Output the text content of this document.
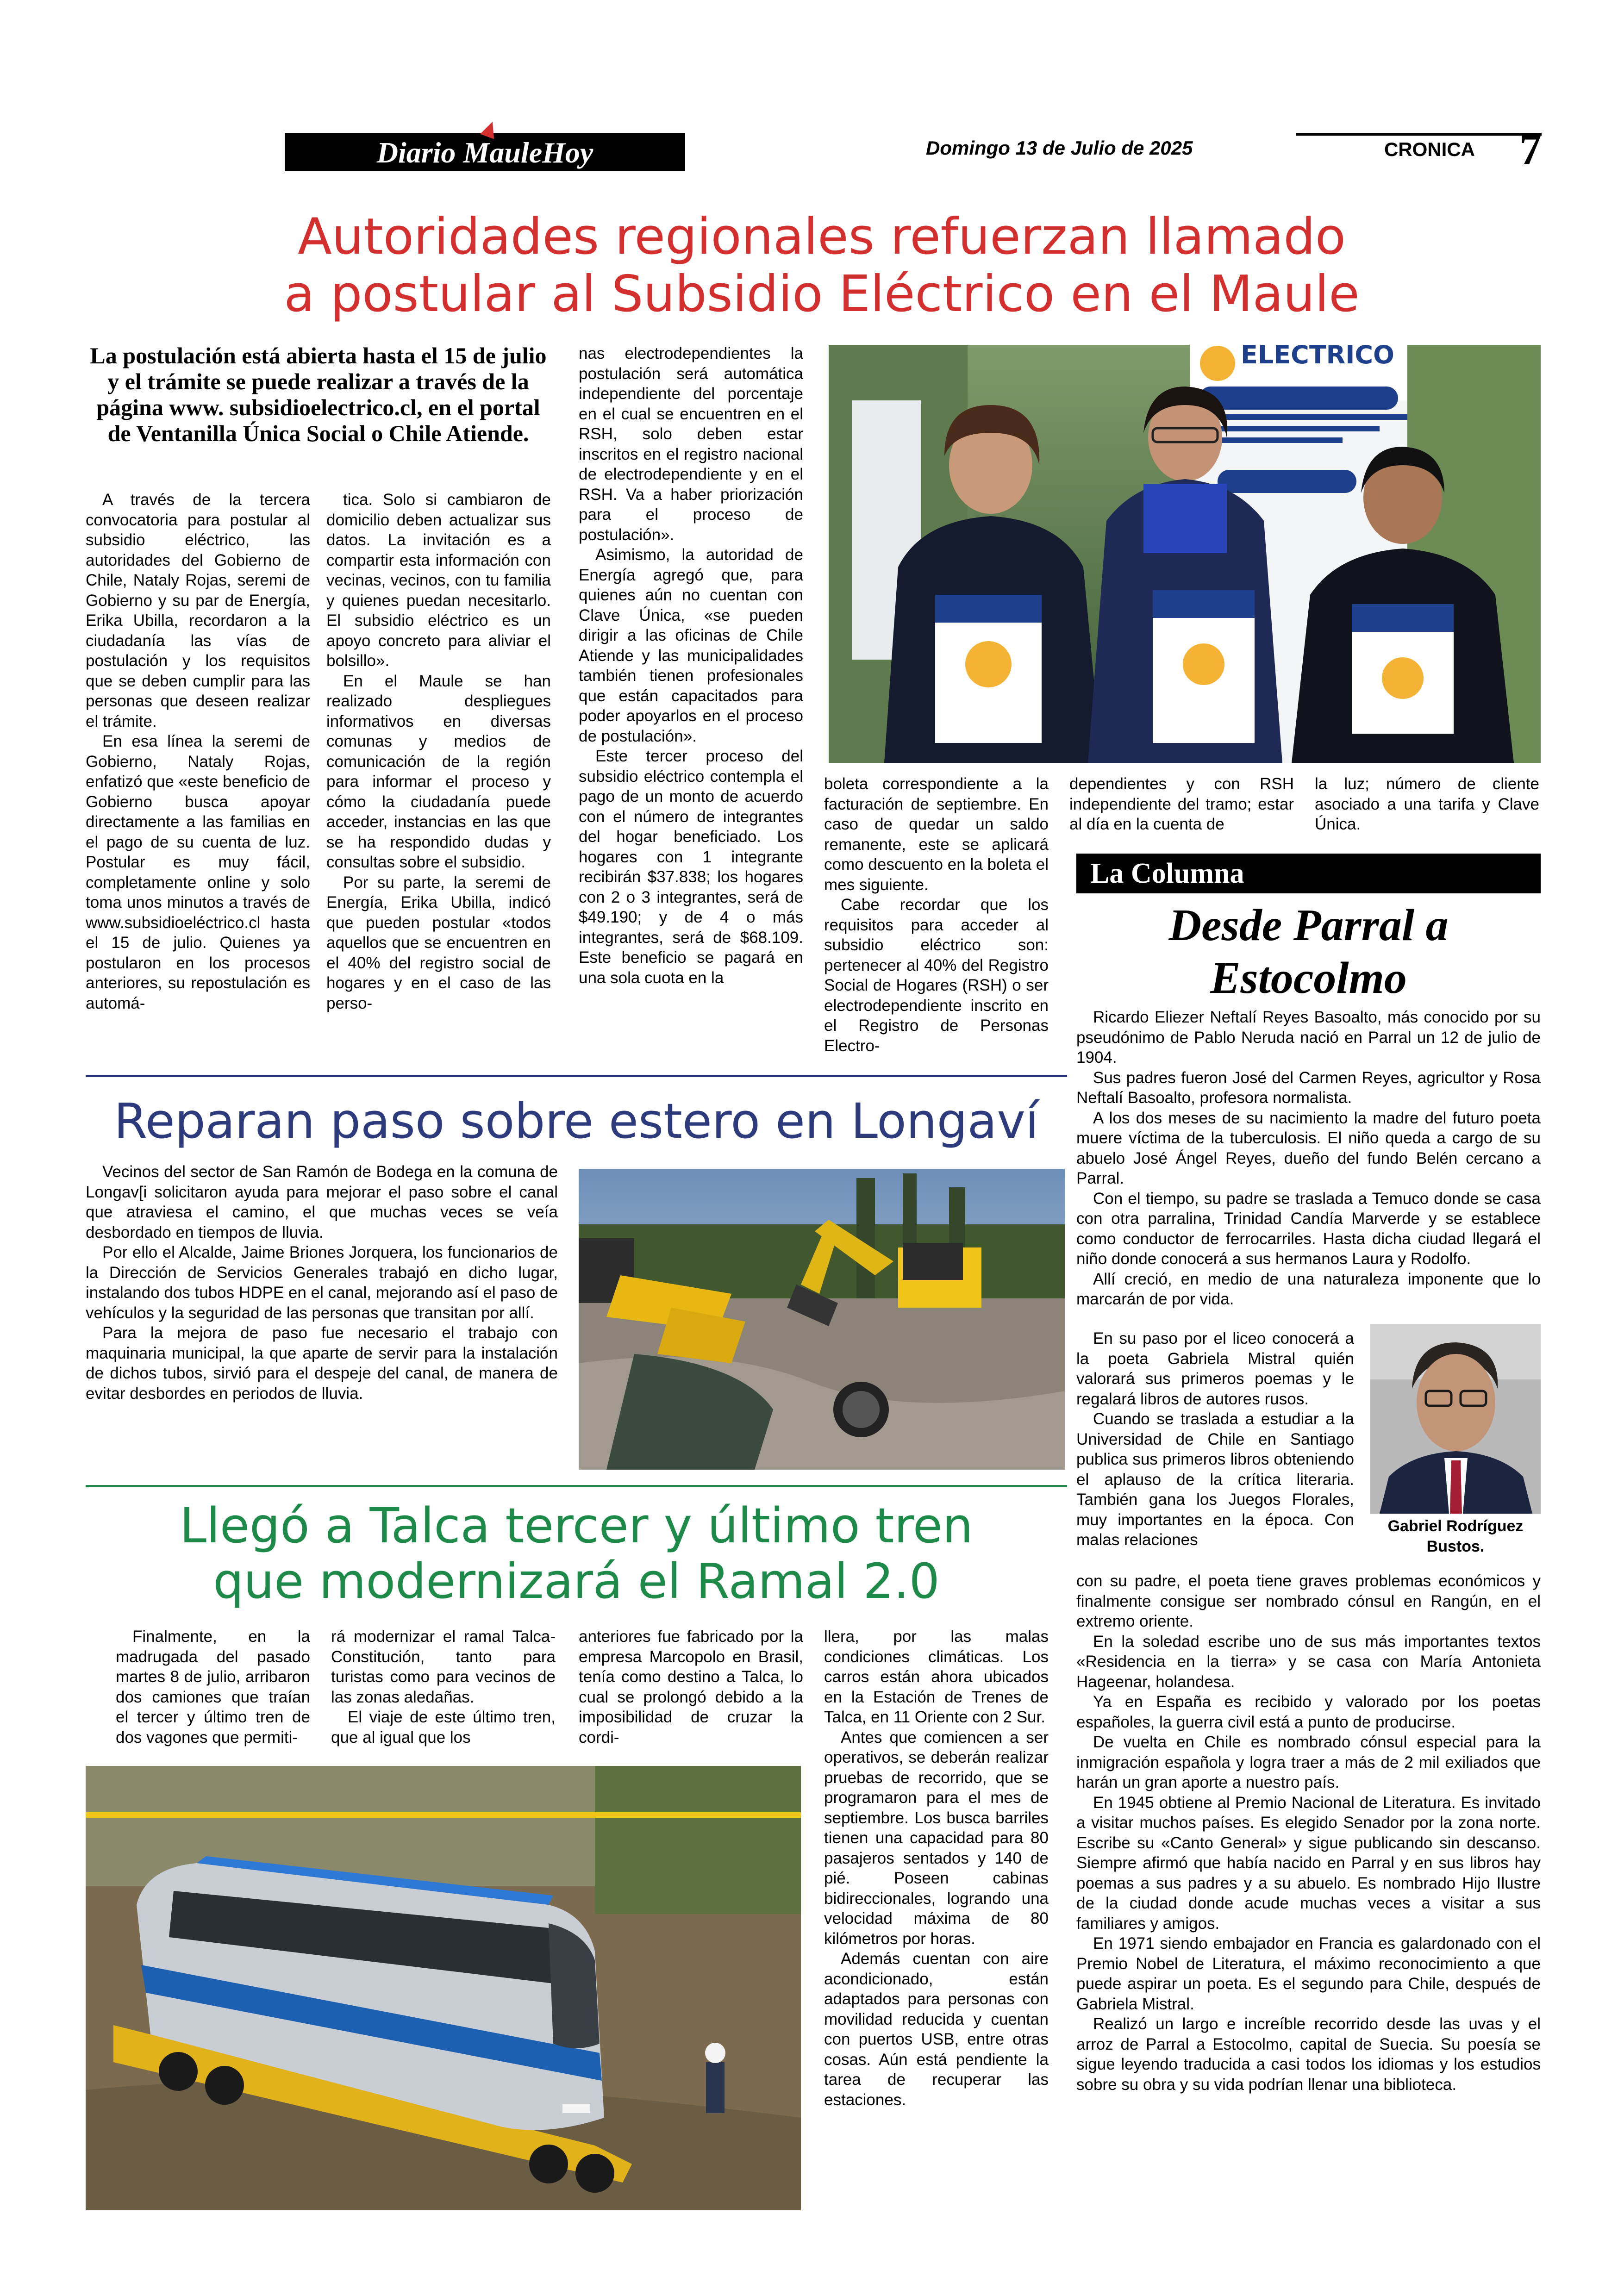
Diario MauleHoy	Domingo 13 de Julio de 2025	CRONICA	7
Autoridades regionales refuerzan llamado
a postular al Subsidio Eléctrico en el Maule
La postulación está abierta hasta el 15 de julio y el trámite se puede realizar a través de la página www. subsidioelectrico.cl, en el portal de Ventanilla Única Social o Chile Atiende.

A través de la tercera convocatoria para postular al subsidio eléctrico, las autoridades del Gobierno de Chile, Nataly Rojas, seremi de Gobierno y su par de Energía, Erika Ubilla, recordaron a la ciudadanía las vías de postulación y los requisitos que se deben cumplir para las personas que deseen realizar el trámite.

En esa línea la seremi de Gobierno, Nataly Rojas, enfatizó que «este beneficio de Gobierno busca apoyar directamente a las familias en el pago de su cuenta de luz. Postular es muy fácil, completamente online y solo toma unos minutos a través de www.subsidioeléctrico.cl hasta el 15 de julio. Quienes ya postularon en los procesos anteriores, su repostulación es automá-

tica. Solo si cambiaron de domicilio deben actualizar sus datos. La invitación es a compartir esta información con vecinas, vecinos, con tu familia y quienes puedan necesitarlo. El subsidio eléctrico es un apoyo concreto para aliviar el bolsillo».

En el Maule se han realizado despliegues informativos en diversas comunas y medios de comunicación de la región para informar el proceso y cómo la ciudadanía puede acceder, instancias en las que se ha respondido dudas y consultas sobre el subsidio.

Por su parte, la seremi de Energía, Erika Ubilla, indicó que pueden postular «todos aquellos que se encuentren en el 40% del registro social de hogares y en el caso de las perso-

nas electrodependientes la postulación será automática independiente del porcentaje en el cual se encuentren en el RSH, solo deben estar inscritos en el registro nacional de electrodependiente y en el RSH. Va a haber priorización para el proceso de postulación».

Asimismo, la autoridad de Energía agregó que, para quienes aún no cuentan con Clave Única, «se pueden dirigir a las oficinas de Chile Atiende y las municipalidades también tienen profesionales que están capacitados para poder apoyarlos en el proceso de postulación».

Este tercer proceso del subsidio eléctrico contempla el pago de un monto de acuerdo con el número de integrantes del hogar beneficiado. Los hogares con 1 integrante recibirán $37.838; los hogares con 2 o 3 integrantes, será de $49.190; y de 4 o más integrantes, será de $68.109. Este beneficio se pagará en una sola cuota en la

boleta correspondiente a la facturación de septiembre. En caso de quedar un saldo remanente, este se aplicará como descuento en la boleta el mes siguiente.

Cabe recordar que los requisitos para acceder al subsidio eléctrico son: pertenecer al 40% del Registro Social de Hogares (RSH) o ser electrodependiente inscrito en el Registro de Personas Electro-

dependientes y con RSH independiente del tramo; estar al día en la cuenta de

la luz; número de cliente asociado a una tarifa y Clave Única.

ELECTRICO
Reparan paso sobre estero en Longaví

Vecinos del sector de San Ramón de Bodega en la comuna de Longav[i solicitaron ayuda para mejorar el paso sobre el canal que atraviesa el camino, el que muchas veces se veía desbordado en tiempos de lluvia.

Por ello el Alcalde, Jaime Briones Jorquera, los funcionarios de la Dirección de Servicios Generales trabajó en dicho lugar, instalando dos tubos HDPE en el canal, mejorando así el paso de vehículos y la seguridad de las personas que transitan por allí.

Para la mejora de paso fue necesario el trabajo con maquinaria municipal, la que aparte de servir para la instalación de dichos tubos, sirvió para el despeje del canal, de manera de evitar desbordes en periodos de lluvia.

Llegó a Talca tercer y último tren
que modernizará el Ramal 2.0

Finalmente, en la madrugada del pasado martes 8 de julio, arribaron dos camiones que traían el tercer y último tren de dos vagones que permiti-

rá modernizar el ramal Talca-Constitución, tanto para turistas como para vecinos de las zonas aledañas.

El viaje de este último tren, que al igual que los

anteriores fue fabricado por la empresa Marcopolo en Brasil, tenía como destino a Talca, lo cual se prolongó debido a la imposibilidad de cruzar la cordi-

llera, por las malas condiciones climáticas. Los carros están ahora ubicados en la Estación de Trenes de Talca, en 11 Oriente con 2 Sur.

Antes que comiencen a ser operativos, se deberán realizar pruebas de recorrido, que se programaron para el mes de septiembre. Los busca barriles tienen una capacidad para 80 pasajeros sentados y 140 de pié. Poseen cabinas bidireccionales, logrando una velocidad máxima de 80 kilómetros por horas.

Además cuentan con aire acondicionado, están adaptados para personas con movilidad reducida y cuentan con puertos USB, entre otras cosas. Aún está pendiente la tarea de recuperar las estaciones.

La Columna
Desde Parral a
Estocolmo

Ricardo Eliezer Neftalí Reyes Basoalto, más conocido por su pseudónimo de Pablo Neruda nació en Parral un 12 de julio de 1904.

Sus padres fueron José del Carmen Reyes, agricultor y Rosa Neftalí Basoalto, profesora normalista.

A los dos meses de su nacimiento la madre del futuro poeta muere víctima de la tuberculosis. El niño queda a cargo de su abuelo José Ángel Reyes, dueño del fundo Belén cercano a Parral.

Con el tiempo, su padre se traslada a Temuco donde se casa con otra parralina, Trinidad Candía Marverde y se establece como conductor de ferrocarriles. Hasta dicha ciudad llegará el niño donde conocerá a sus hermanos Laura y Rodolfo.

Allí creció, en medio de una naturaleza imponente que lo marcarán de por vida.

En su paso por el liceo conocerá a la poeta Gabriela Mistral quién valorará sus primeros poemas y le regalará libros de autores rusos.

Cuando se traslada a estudiar a la Universidad de Chile en Santiago publica sus primeros libros obteniendo el aplauso de la crítica literaria. También gana los Juegos Florales, muy importantes en la época. Con malas relaciones

Gabriel Rodríguez
Bustos.

con su padre, el poeta tiene graves problemas económicos y finalmente consigue ser nombrado cónsul en Rangún, en el extremo oriente.

En la soledad escribe uno de sus más importantes textos «Residencia en la tierra» y se casa con María Antonieta Hageenar, holandesa.

Ya en España es recibido y valorado por los poetas españoles, la guerra civil está a punto de producirse.

De vuelta en Chile es nombrado cónsul especial para la inmigración española y logra traer a más de 2 mil exiliados que harán un gran aporte a nuestro país.

En 1945 obtiene al Premio Nacional de Literatura. Es invitado a visitar muchos países. Es elegido Senador por la zona norte. Escribe su «Canto General» y sigue publicando sin descanso. Siempre afirmó que había nacido en Parral y en sus libros hay poemas a sus padres y a su abuelo. Es nombrado Hijo Ilustre de la ciudad donde acude muchas veces a visitar a sus familiares y amigos.

En 1971 siendo embajador en Francia es galardonado con el Premio Nobel de Literatura, el máximo reconocimiento a que puede aspirar un poeta. Es el segundo para Chile, después de Gabriela Mistral.

Realizó un largo e increíble recorrido desde las uvas y el arroz de Parral a Estocolmo, capital de Suecia. Su poesía se sigue leyendo traducida a casi todos los idiomas y los estudios sobre su obra y su vida podrían llenar una biblioteca.
